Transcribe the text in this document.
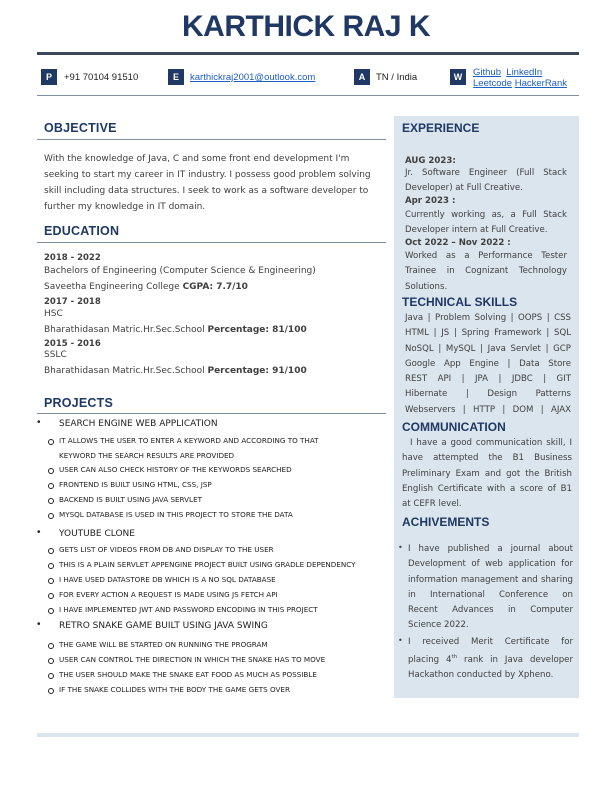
KARTHICK RAJ K
P	+91 70104 91510	E	karthickraj2001@outlook.com	A	TN / India	W	Github LinkedIn
Leetcode HackerRank
OBJECTIVE
With the knowledge of Java, C and some front end development I'm
seeking to start my career in IT industry. I possess good problem solving
skill including data structures. I seek to work as a software developer to
further my knowledge in IT domain.
EDUCATION
2018 - 2022
Bachelors of Engineering (Computer Science & Engineering)
Saveetha Engineering College CGPA: 7.7/10
2017 - 2018
HSC
Bharathidasan Matric.Hr.Sec.School Percentage: 81/100
2015 - 2016
SSLC
Bharathidasan Matric.Hr.Sec.School Percentage: 91/100
PROJECTS
• SEARCH ENGINE WEB APPLICATION
IT ALLOWS THE USER TO ENTER A KEYWORD AND ACCORDING TO THAT
KEYWORD THE SEARCH RESULTS ARE PROVIDED
USER CAN ALSO CHECK HISTORY OF THE KEYWORDS SEARCHED
FRONTEND IS BUILT USING HTML, CSS, JSP
BACKEND IS BUILT USING JAVA SERVLET
MYSQL DATABASE IS USED IN THIS PROJECT TO STORE THE DATA
• YOUTUBE CLONE
GETS LIST OF VIDEOS FROM DB AND DISPLAY TO THE USER
THIS IS A PLAIN SERVLET APPENGINE PROJECT BUILT USING GRADLE DEPENDENCY
I HAVE USED DATASTORE DB WHICH IS A NO SQL DATABASE
FOR EVERY ACTION A REQUEST IS MADE USING JS FETCH API
I HAVE IMPLEMENTED JWT AND PASSWORD ENCODING IN THIS PROJECT
• RETRO SNAKE GAME BUILT USING JAVA SWING
THE GAME WILL BE STARTED ON RUNNING THE PROGRAM
USER CAN CONTROL THE DIRECTION IN WHICH THE SNAKE HAS TO MOVE
THE USER SHOULD MAKE THE SNAKE EAT FOOD AS MUCH AS POSSIBLE
IF THE SNAKE COLLIDES WITH THE BODY THE GAME GETS OVER
EXPERIENCE
AUG 2023:
Jr. Software Engineer (Full Stack
Developer) at Full Creative.
Apr 2023 :
Currently working as, a Full Stack
Developer intern at Full Creative.
Oct 2022 – Nov 2022 :
Worked as a Performance Tester
Trainee in Cognizant Technology
Solutions.
TECHNICAL SKILLS
Java | Problem Solving | OOPS | CSS
HTML | JS | Spring Framework | SQL
NoSQL | MySQL | Java Servlet | GCP
Google App Engine | Data Store
REST API | JPA | JDBC | GIT
Hibernate | Design Patterns
Webservers | HTTP | DOM | AJAX
COMMUNICATION
I have a good communication skill, I
have attempted the B1 Business
Preliminary Exam and got the British
English Certificate with a score of B1
at CEFR level.
ACHIVEMENTS
• I have published a journal about
Development of web application for
information management and sharing
in International Conference on
Recent Advances in Computer
Science 2022.
• I received Merit Certificate for
placing 4th rank in Java developer
Hackathon conducted by Xpheno.
